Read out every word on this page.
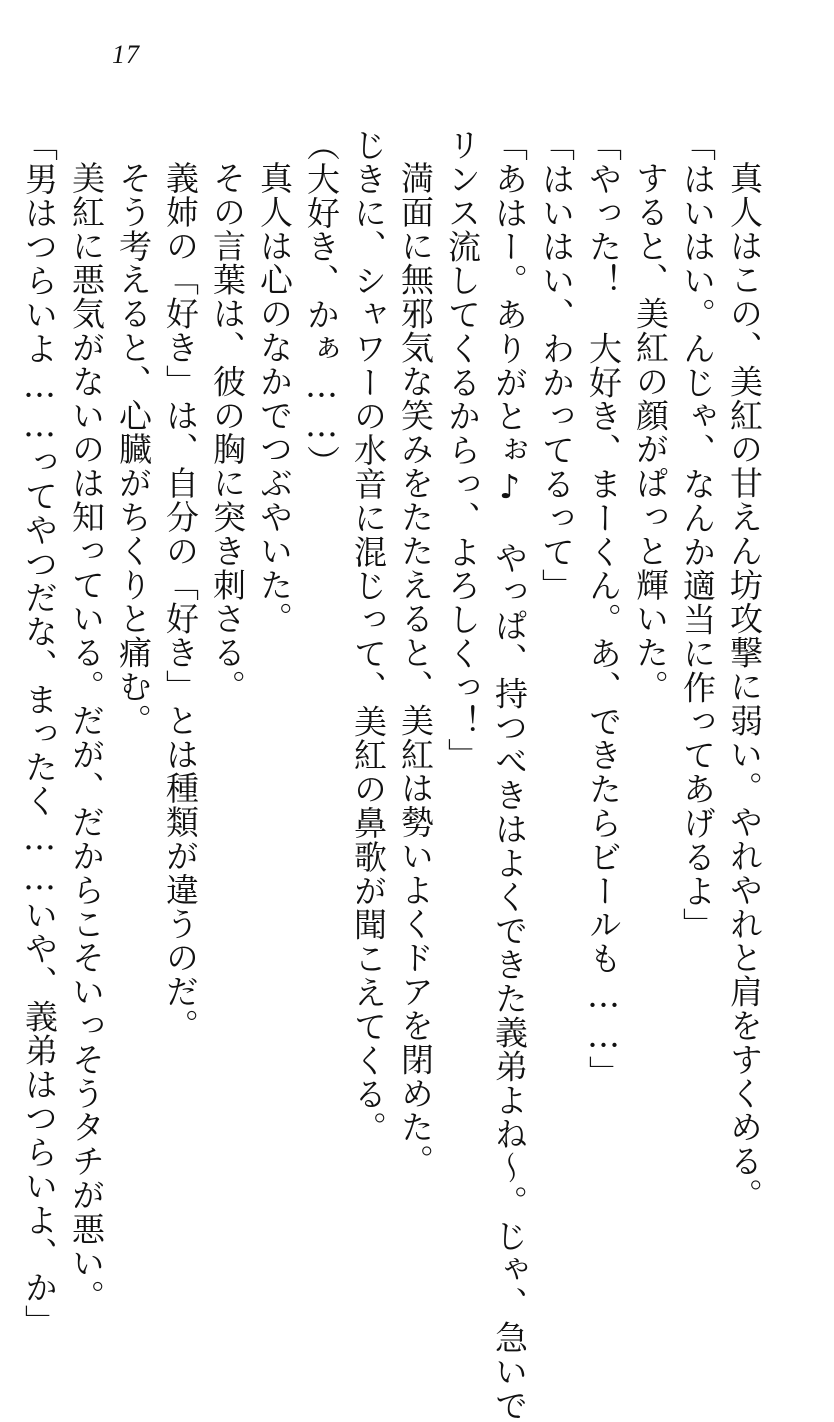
17
真人はこの、美紅の甘えん坊攻撃に弱い。やれやれと肩をすくめる。
「はいはい。んじゃ、なんか適当に作ってあげるよ」
すると、美紅の顔がぱっと輝いた。
「やった！　大好き、まーくん。あ、できたらビールも……」
「はいはい、わかってるって」
「あはー。ありがとぉ♪　やっぱ、持つべきはよくできた義弟よね〜。じゃ、急いで
リンス流してくるからっ、よろしくっ！」
満面に無邪気な笑みをたたえると、美紅は勢いよくドアを閉めた。
じきに、シャワーの水音に混じって、美紅の鼻歌が聞こえてくる。
（大好き、かぁ……）
真人は心のなかでつぶやいた。
その言葉は、彼の胸に突き刺さる。
義姉の「好き」は、自分の「好き」とは種類が違うのだ。
そう考えると、心臓がちくりと痛む。
美紅に悪気がないのは知っている。だが、だからこそいっそうタチが悪い。
「男はつらいよ……ってやつだな、まったく……いや、義弟はつらいよ、か」
